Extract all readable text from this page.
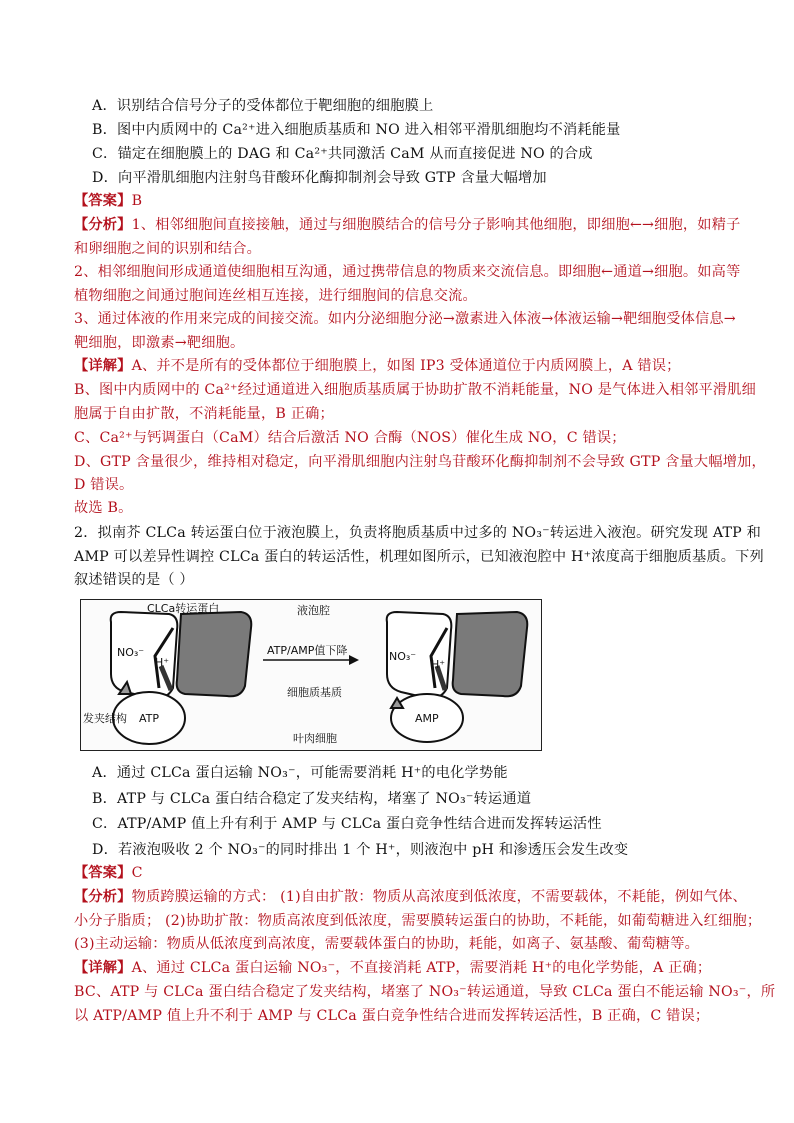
A．识别结合信号分子的受体都位于靶细胞的细胞膜上
B．图中内质网中的 Ca²⁺进入细胞质基质和 NO 进入相邻平滑肌细胞均不消耗能量
C．锚定在细胞膜上的 DAG 和 Ca²⁺共同激活 CaM 从而直接促进 NO 的合成
D．向平滑肌细胞内注射鸟苷酸环化酶抑制剂会导致 GTP 含量大幅增加
【答案】B
【分析】1、相邻细胞间直接接触，通过与细胞膜结合的信号分子影响其他细胞，即细胞←→细胞，如精子
和卵细胞之间的识别和结合。
2、相邻细胞间形成通道使细胞相互沟通，通过携带信息的物质来交流信息。即细胞←通道→细胞。如高等
植物细胞之间通过胞间连丝相互连接，进行细胞间的信息交流。
3、通过体液的作用来完成的间接交流。如内分泌细胞分泌→激素进入体液→体液运输→靶细胞受体信息→
靶细胞，即激素→靶细胞。
【详解】A、并不是所有的受体都位于细胞膜上，如图 IP3 受体通道位于内质网膜上，A 错误；
B、图中内质网中的 Ca²⁺经过通道进入细胞质基质属于协助扩散不消耗能量，NO 是气体进入相邻平滑肌细
胞属于自由扩散，不消耗能量，B 正确；
C、Ca²⁺与钙调蛋白（CaM）结合后激活 NO 合酶（NOS）催化生成 NO，C 错误；
D、GTP 含量很少，维持相对稳定，向平滑肌细胞内注射鸟苷酸环化酶抑制剂不会导致 GTP 含量大幅增加，
D 错误。
故选 B。
2．拟南芥 CLCa 转运蛋白位于液泡膜上，负责将胞质基质中过多的 NO₃⁻转运进入液泡。研究发现 ATP 和
AMP 可以差异性调控 CLCa 蛋白的转运活性，机理如图所示，已知液泡腔中 H⁺浓度高于细胞质基质。下列
叙述错误的是（ ）
CLCa转运蛋白	液泡腔
ATP/AMP值下降
细胞质基质
叶肉细胞
发夹结构
NO₃⁻
H⁺
ATP
NO₃⁻
H⁺
AMP
A．通过 CLCa 蛋白运输 NO₃⁻，可能需要消耗 H⁺的电化学势能
B．ATP 与 CLCa 蛋白结合稳定了发夹结构，堵塞了 NO₃⁻转运通道
C．ATP/AMP 值上升有利于 AMP 与 CLCa 蛋白竞争性结合进而发挥转运活性
D．若液泡吸收 2 个 NO₃⁻的同时排出 1 个 H⁺，则液泡中 pH 和渗透压会发生改变
【答案】C
【分析】物质跨膜运输的方式： (1)自由扩散：物质从高浓度到低浓度，不需要载体，不耗能，例如气体、
小分子脂质； (2)协助扩散：物质高浓度到低浓度，需要膜转运蛋白的协助，不耗能，如葡萄糖进入红细胞；
(3)主动运输：物质从低浓度到高浓度，需要载体蛋白的协助，耗能，如离子、氨基酸、葡萄糖等。
【详解】A、通过 CLCa 蛋白运输 NO₃⁻，不直接消耗 ATP，需要消耗 H⁺的电化学势能，A 正确；
BC、ATP 与 CLCa 蛋白结合稳定了发夹结构，堵塞了 NO₃⁻转运通道，导致 CLCa 蛋白不能运输 NO₃⁻，所
以 ATP/AMP 值上升不利于 AMP 与 CLCa 蛋白竞争性结合进而发挥转运活性，B 正确，C 错误；
